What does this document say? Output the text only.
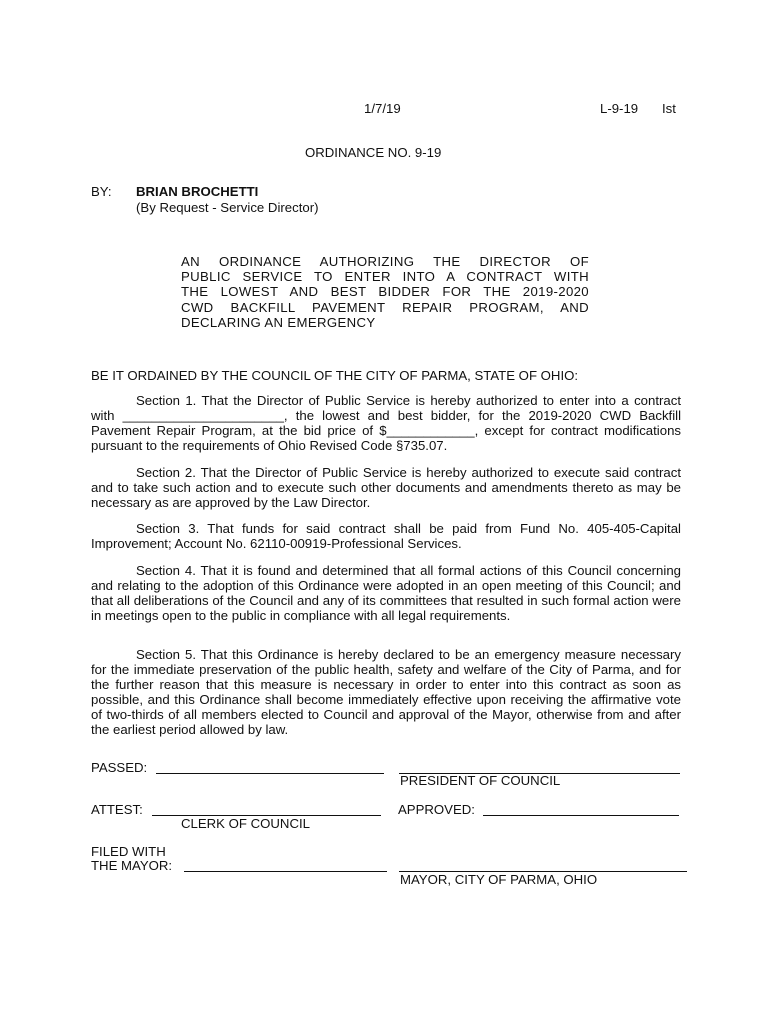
1/7/19	L-9-19 Ist
ORDINANCE NO. 9-19
BY: BRIAN BROCHETTI
(By Request - Service Director)
AN ORDINANCE AUTHORIZING THE DIRECTOR OF
PUBLIC SERVICE TO ENTER INTO A CONTRACT WITH
THE LOWEST AND BEST BIDDER FOR THE 2019-2020
CWD BACKFILL PAVEMENT REPAIR PROGRAM, AND
DECLARING AN EMERGENCY
BE IT ORDAINED BY THE COUNCIL OF THE CITY OF PARMA, STATE OF OHIO:

Section 1. That the Director of Public Service is hereby authorized to enter into a contract with ______________________, the lowest and best bidder, for the 2019-2020 CWD Backfill Pavement Repair Program, at the bid price of $____________, except for contract modifications pursuant to the requirements of Ohio Revised Code §735.07.

Section 2. That the Director of Public Service is hereby authorized to execute said contract and to take such action and to execute such other documents and amendments thereto as may be necessary as are approved by the Law Director.

Section 3. That funds for said contract shall be paid from Fund No. 405-405-Capital Improvement; Account No. 62110-00919-Professional Services.

Section 4. That it is found and determined that all formal actions of this Council concerning and relating to the adoption of this Ordinance were adopted in an open meeting of this Council; and that all deliberations of the Council and any of its committees that resulted in such formal action were in meetings open to the public in compliance with all legal requirements.

Section 5. That this Ordinance is hereby declared to be an emergency measure necessary for the immediate preservation of the public health, safety and welfare of the City of Parma, and for the further reason that this measure is necessary in order to enter into this contract as soon as possible, and this Ordinance shall become immediately effective upon receiving the affirmative vote of two-thirds of all members elected to Council and approval of the Mayor, otherwise from and after the earliest period allowed by law.

PASSED:
PRESIDENT OF COUNCIL
ATTEST:	APPROVED:
CLERK OF COUNCIL
FILED WITH
THE MAYOR:
MAYOR, CITY OF PARMA, OHIO
